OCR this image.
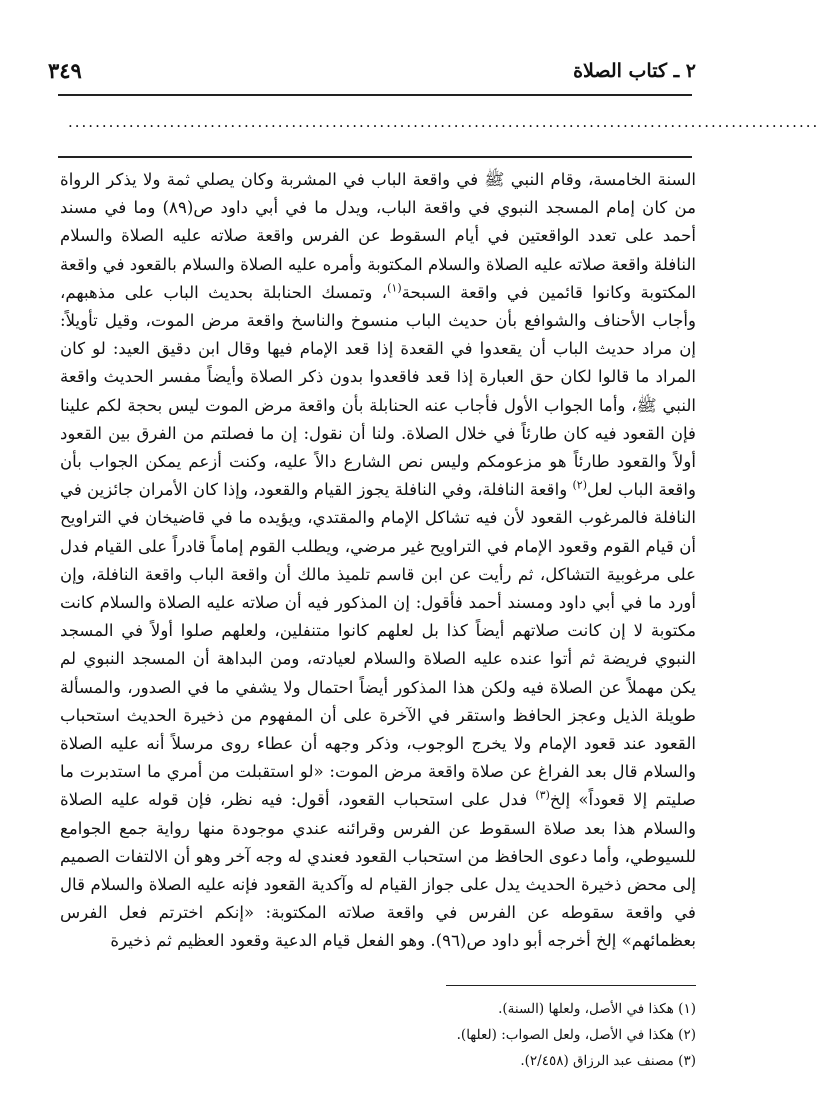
٢ ـ كتاب الصلاة
٣٤٩
...............................................................................................................

السنة الخامسة، وقام النبي ﷺ في واقعة الباب في المشربة وكان يصلي ثمة ولا يذكر الرواة من كان إمام المسجد النبوي في واقعة الباب، ويدل ما في أبي داود ص(٨٩) وما في مسند أحمد على تعدد الواقعتين في أيام السقوط عن الفرس واقعة صلاته عليه الصلاة والسلام النافلة واقعة صلاته عليه الصلاة والسلام المكتوبة وأمره عليه الصلاة والسلام بالقعود في واقعة المكتوبة وكانوا قائمين في واقعة السبحة$^{(١)}$، وتمسك الحنابلة بحديث الباب على مذهبهم، وأجاب الأحناف والشوافع بأن حديث الباب منسوخ والناسخ واقعة مرض الموت، وقيل تأويلاً: إن مراد حديث الباب أن يقعدوا في القعدة إذا قعد الإمام فيها وقال ابن دقيق العيد: لو كان المراد ما قالوا لكان حق العبارة إذا قعد فاقعدوا بدون ذكر الصلاة وأيضاً مفسر الحديث واقعة النبي ﷺ، وأما الجواب الأول فأجاب عنه الحنابلة بأن واقعة مرض الموت ليس بحجة لكم علينا فإن القعود فيه كان طارئاً في خلال الصلاة. ولنا أن نقول: إن ما فصلتم من الفرق بين القعود أولاً والقعود طارئاً هو مزعومكم وليس نص الشارع دالاً عليه، وكنت أزعم يمكن الجواب بأن واقعة الباب لعل$^{(٢)}$ واقعة النافلة، وفي النافلة يجوز القيام والقعود، وإذا كان الأمران جائزين في النافلة فالمرغوب القعود لأن فيه تشاكل الإمام والمقتدي، ويؤيده ما في قاضيخان في التراويح أن قيام القوم وقعود الإمام في التراويح غير مرضي، ويطلب القوم إماماً قادراً على القيام فدل على مرغوبية التشاكل، ثم رأيت عن ابن قاسم تلميذ مالك أن واقعة الباب واقعة النافلة، وإن أورد ما في أبي داود ومسند أحمد فأقول: إن المذكور فيه أن صلاته عليه الصلاة والسلام كانت مكتوبة لا إن كانت صلاتهم أيضاً كذا بل لعلهم كانوا متنفلين، ولعلهم صلوا أولاً في المسجد النبوي فريضة ثم أتوا عنده عليه الصلاة والسلام لعيادته، ومن البداهة أن المسجد النبوي لم يكن مهملاً عن الصلاة فيه ولكن هذا المذكور أيضاً احتمال ولا يشفي ما في الصدور، والمسألة طويلة الذيل وعجز الحافظ واستقر في الآخرة على أن المفهوم من ذخيرة الحديث استحباب القعود عند قعود الإمام ولا يخرج الوجوب، وذكر وجهه أن عطاء روى مرسلاً أنه عليه الصلاة والسلام قال بعد الفراغ عن صلاة واقعة مرض الموت: «لو استقبلت من أمري ما استدبرت ما صليتم إلا قعوداً» إلخ$^{(٣)}$ فدل على استحباب القعود، أقول: فيه نظر، فإن قوله عليه الصلاة والسلام هذا بعد صلاة السقوط عن الفرس وقرائنه عندي موجودة منها رواية جمع الجوامع للسيوطي، وأما دعوى الحافظ من استحباب القعود فعندي له وجه آخر وهو أن الالتفات الصميم إلى محض ذخيرة الحديث يدل على جواز القيام له وآكدية القعود فإنه عليه الصلاة والسلام قال في واقعة سقوطه عن الفرس في واقعة صلاته المكتوبة: «إنكم اخترتم فعل الفرس بعظمائهم» إلخ أخرجه أبو داود ص(٩٦). وهو الفعل قيام الدعية وقعود العظيم ثم ذخيرة

(١) هكذا في الأصل، ولعلها (السنة).
(٢) هكذا في الأصل، ولعل الصواب: (لعلها).
(٣) مصنف عبد الرزاق (٢/٤٥٨).
